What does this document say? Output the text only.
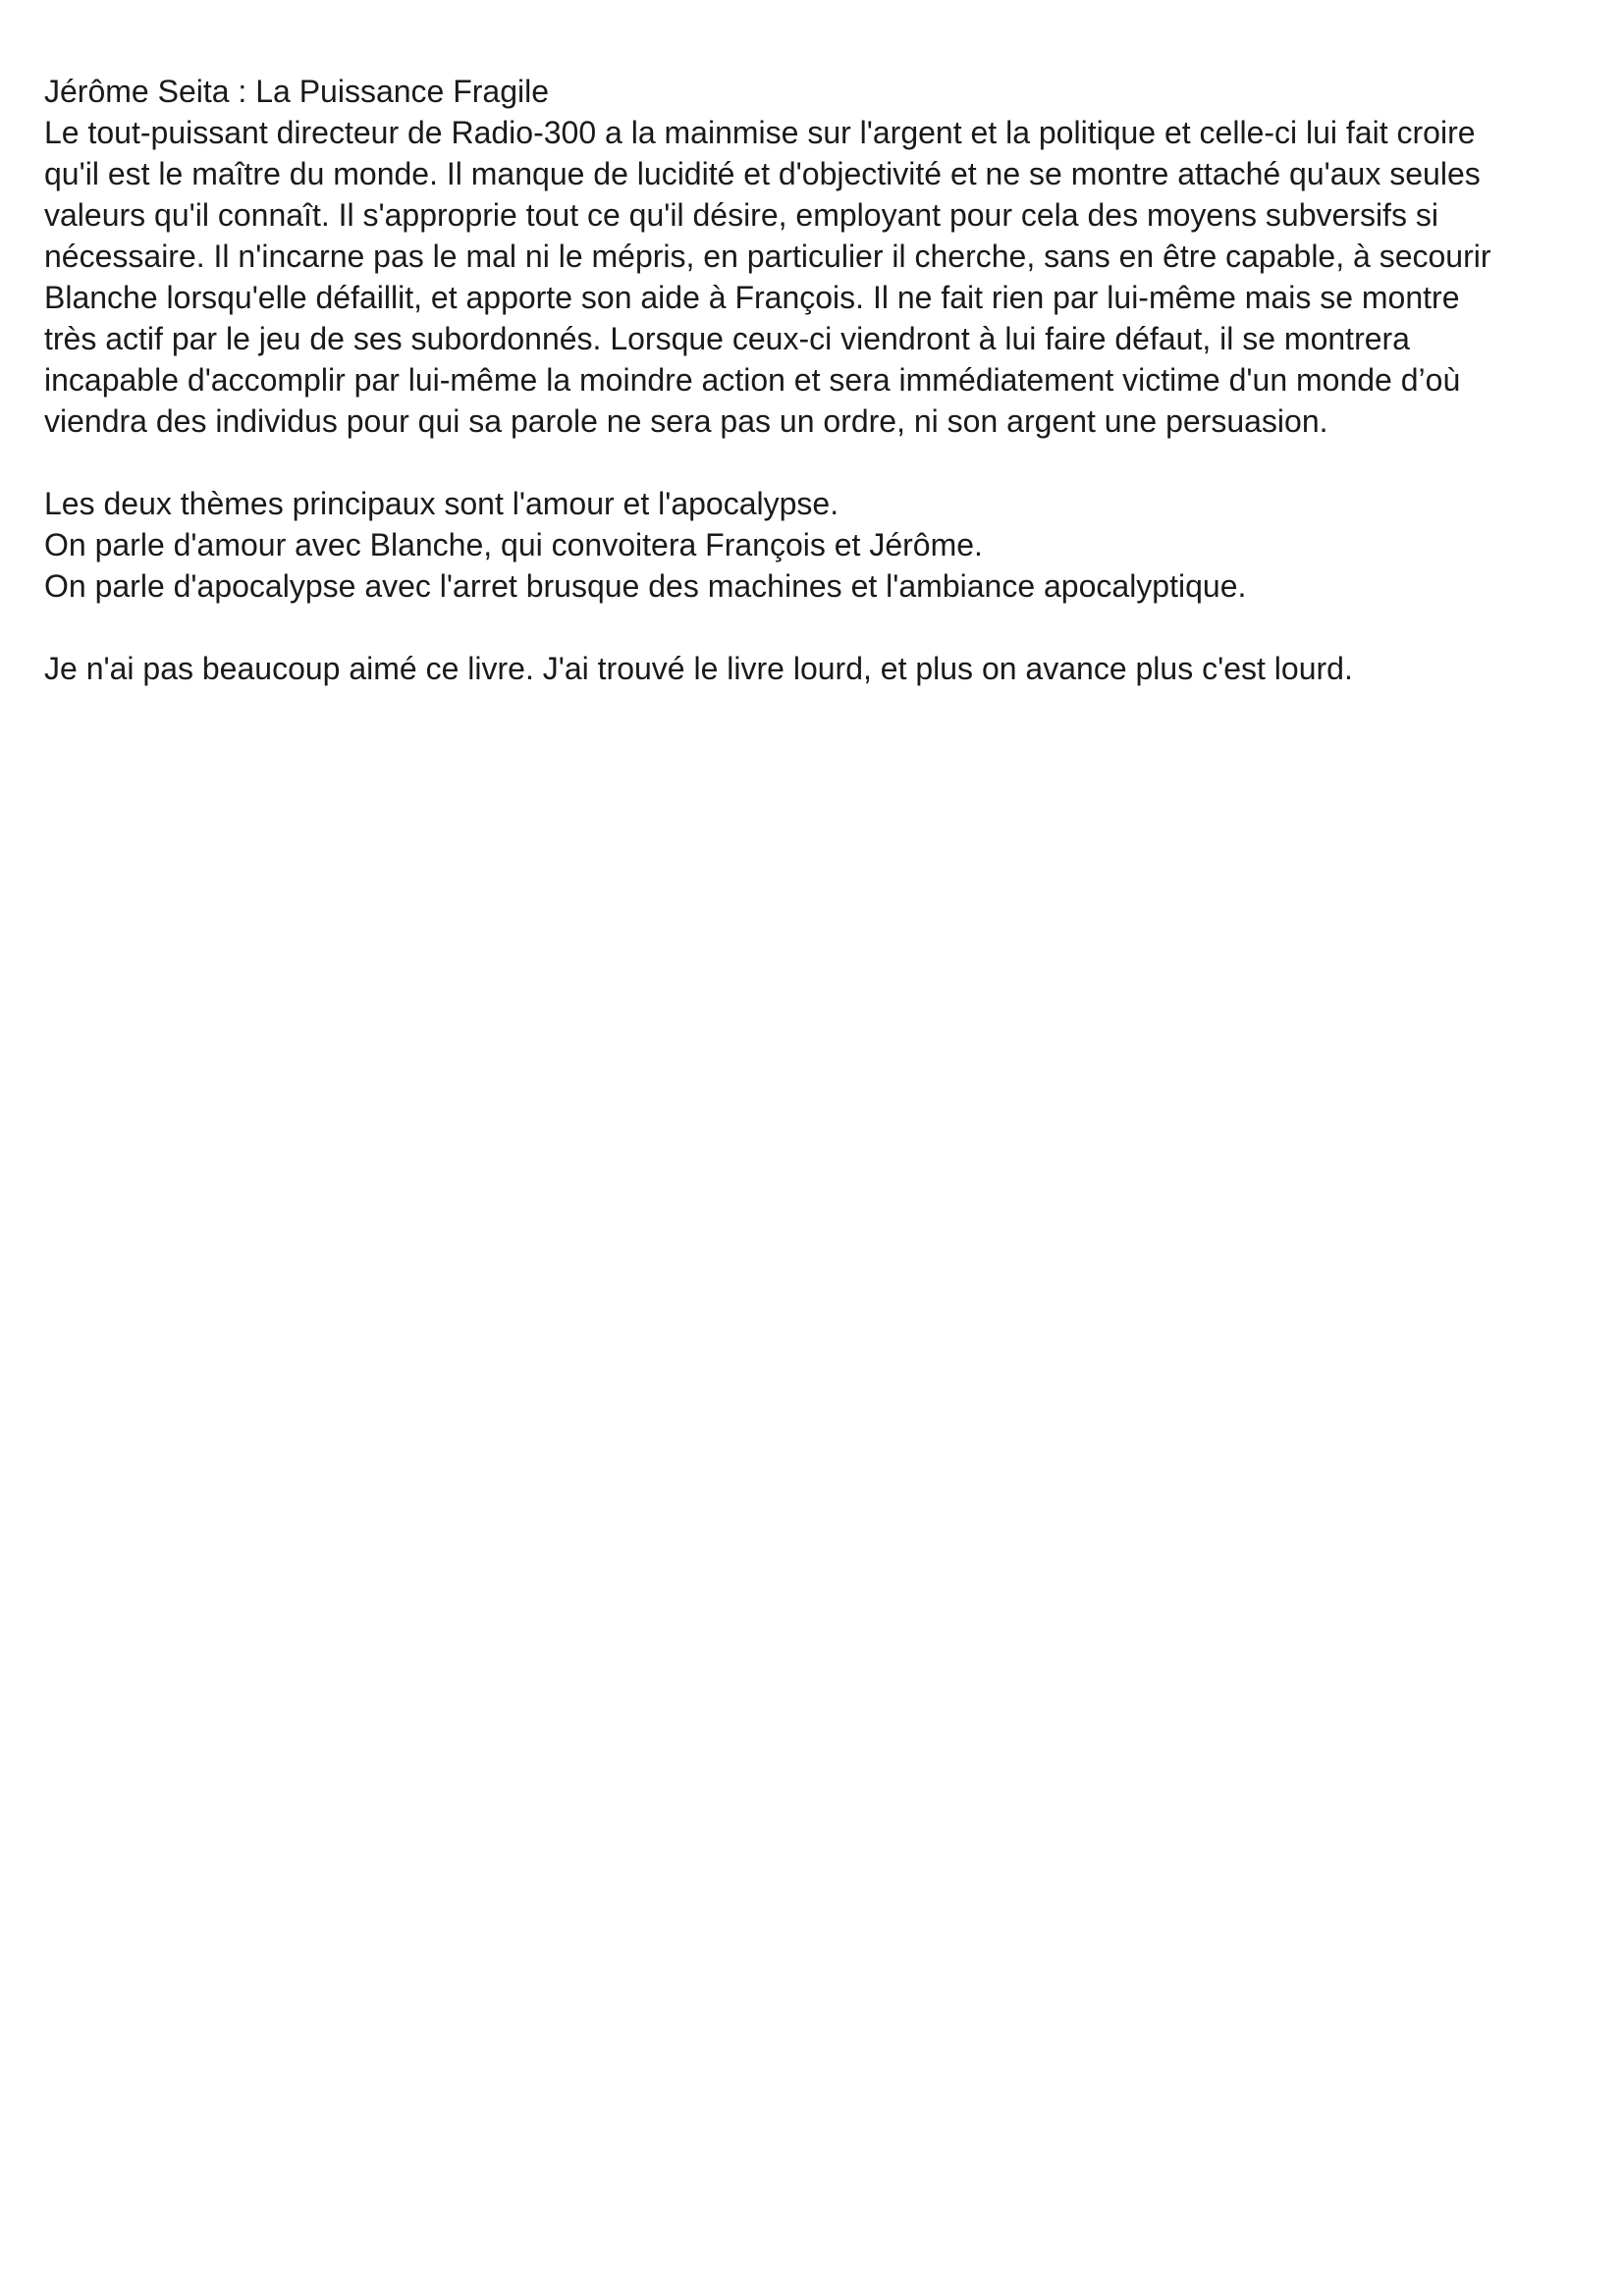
Jérôme Seita : La Puissance Fragile
Le tout-puissant directeur de Radio-300 a la mainmise sur l'argent et la politique et celle-ci lui fait croire
qu'il est le maître du monde. Il manque de lucidité et d'objectivité et ne se montre attaché qu'aux seules
valeurs qu'il connaît. Il s'approprie tout ce qu'il désire, employant pour cela des moyens subversifs si
nécessaire. Il n'incarne pas le mal ni le mépris, en particulier il cherche, sans en être capable, à secourir
Blanche lorsqu'elle défaillit, et apporte son aide à François. Il ne fait rien par lui-même mais se montre
très actif par le jeu de ses subordonnés. Lorsque ceux-ci viendront à lui faire défaut, il se montrera
incapable d'accomplir par lui-même la moindre action et sera immédiatement victime d'un monde d’où
viendra des individus pour qui sa parole ne sera pas un ordre, ni son argent une persuasion.
Les deux thèmes principaux sont l'amour et l'apocalypse.
On parle d'amour avec Blanche, qui convoitera François et Jérôme.
On parle d'apocalypse avec l'arret brusque des machines et l'ambiance apocalyptique.
Je n'ai pas beaucoup aimé ce livre. J'ai trouvé le livre lourd, et plus on avance plus c'est lourd.
